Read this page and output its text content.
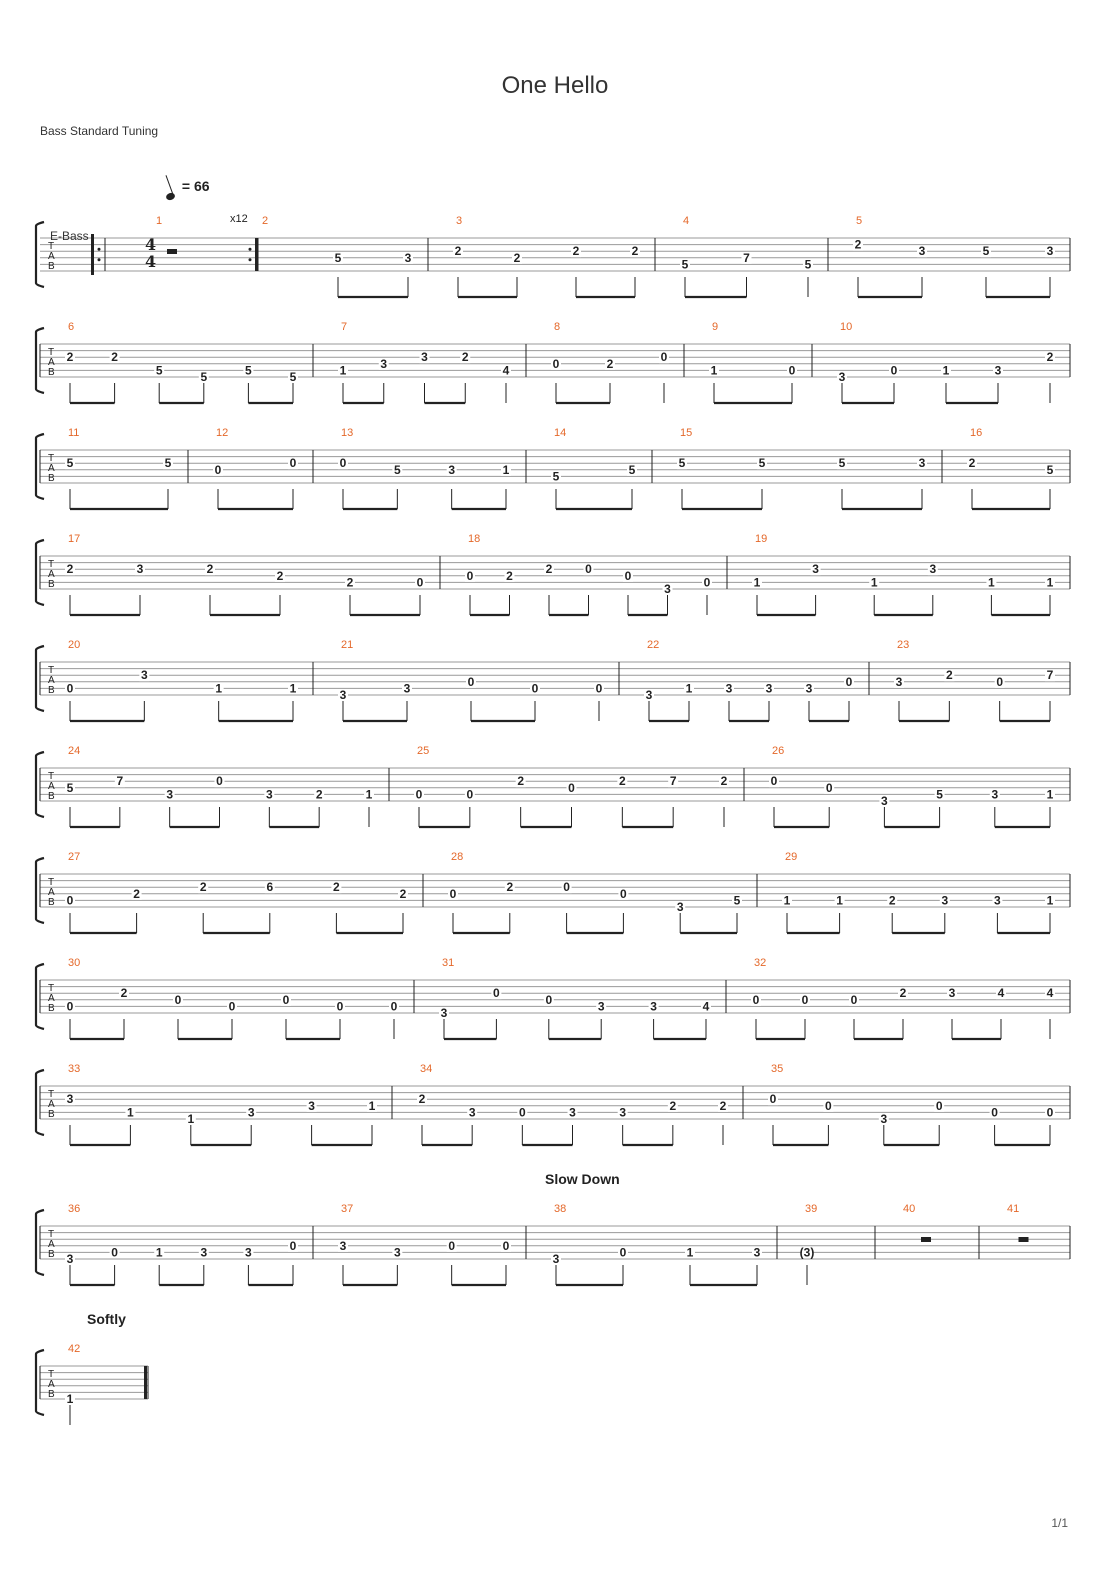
One Hello
Bass Standard Tuning
= 66
Slow Down
Softly
1/1
T
A
B
E-Bass
x12
4
4
1	2
5	3
3
2	2	2	2
4
5	7	5
5
2	3	5	3
T
A
B
6
2	2
5	5	5	5
7
1	3	3	2
4
8
0	2	0
9
1	0
10
3	0	1	3
2
T
A
B
11
5	5
12
0	0
13
0	5	3	1
14
5	5
15
5	5	5	3
16
2	5
T
A
B
17
2	3	2	2	2	0
18
0	2	2	0	0
3	0
19
1
3
1
3
1	1
T
A
B
20
0
3
1	1
21
3	3	0	0	0
22
3	1	3	3	3	0
23
3	2	0	7
T
A
B
24
5	7
3
0
3	2	1
25
0	0
2	0	2	7	2
26
0	0
3	5	3	1
T
A
B
27
0	2	2	6	2	2
28
0	2	0	0
3	5
29
1	1	2	3	3	1
T
A
B
30
0
2	0	0	0	0	0
31
3
0	0	3	3	4
32
0	0	0	2	3	4	4
T
A
B
33
3
1	1	3	3	1
34
2
3	0	3	3	2	2
35
0	0
3
0	0	0
T
A
B
36
3	0	1	3	3	0
37
3	3	0	0
38
3	0	1	3
39
(3)
40	41
T
A
B
42
1
